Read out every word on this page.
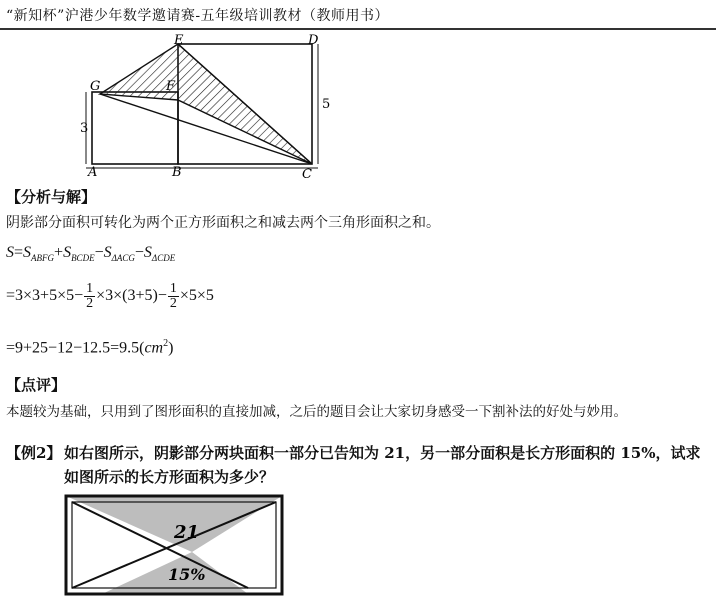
“新知杯”沪港少年数学邀请赛-五年级培训教材（教师用书）
E	D
G	F
A	B	C
3
5
【分析与解】
阴影部分面积可转化为两个正方形面积之和减去两个三角形面积之和。
$S=S_{ABFG}+S_{BCDE}-S_{\Delta ACG}-S_{\Delta CDE}$
$=3\times 3+5\times 5- \frac{1}{2} \times 3\times(3+5)- \frac{1}{2} \times 5\times 5$
$=9+25-12-12.5=9.5(cm^2)$
【点评】
本题较为基础，只用到了图形面积的直接加减，之后的题目会让大家切身感受一下割补法的好处与妙用。
【例2】 如右图所示，阴影部分两块面积一部分已告知为 21，另一部分面积是长方形面积的 15%，试求
如图所示的长方形面积为多少？
21
15%
